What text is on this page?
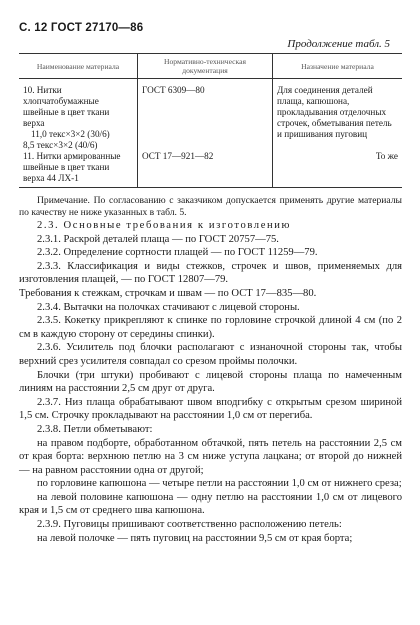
С. 12 ГОСТ 27170—86
Продолжение табл. 5
Наименование материала	Нормативно-техническая документация	Назначение материала
10. Нитки хлопчатобумажные швейные в цвет ткани верха
11,0 текс×3×2 (30/6)
8,5 текс×3×2 (40/6)	ГОСТ 6309—80	Для соединения деталей плаща, капюшона, прокладывания отделочных строчек, обметывания петель и пришивания пуговиц
11. Нитки армированные швейные в цвет ткани верха 44 ЛХ-1	ОСТ 17—921—82	То же

Примечание. По согласованию с заказчиком допускается применять другие материалы по качеству не ниже указанных в табл. 5.

2.3. Основные требования к изготовлению

2.3.1. Раскрой деталей плаща — по ГОСТ 20757—75.

2.3.2. Определение сортности плащей — по ГОСТ 11259—79.

2.3.3. Классификация и виды стежков, строчек и швов, применяемых для изготовления плащей, — по ГОСТ 12807—79.

Требования к стежкам, строчкам и швам — по ОСТ 17—835—80.

2.3.4. Вытачки на полочках стачивают с лицевой стороны.

2.3.5. Кокетку прикрепляют к спинке по горловине строчкой длиной 4 см (по 2 см в каждую сторону от середины спинки).

2.3.6. Усилитель под блочки располагают с изнаночной стороны так, чтобы верхний срез усилителя совпадал со срезом проймы полочки.

Блочки (три штуки) пробивают с лицевой стороны плаща по намеченным линиям на расстоянии 2,5 см друг от друга.

2.3.7. Низ плаща обрабатывают швом вподгибку с открытым срезом шириной 1,5 см. Строчку прокладывают на расстоянии 1,0 см от перегиба.

2.3.8. Петли обметывают:

на правом подборте, обработанном обтачкой, пять петель на расстоянии 2,5 см от края борта: верхнюю петлю на 3 см ниже уступа лацкана; от второй до нижней — на равном расстоянии одна от другой;

по горловине капюшона — четыре петли на расстоянии 1,0 см от нижнего среза;

на левой половине капюшона — одну петлю на расстоянии 1,0 см от лицевого края и 1,5 см от среднего шва капюшона.

2.3.9. Пуговицы пришивают соответственно расположению петель:

на левой полочке — пять пуговиц на расстоянии 9,5 см от края борта;
